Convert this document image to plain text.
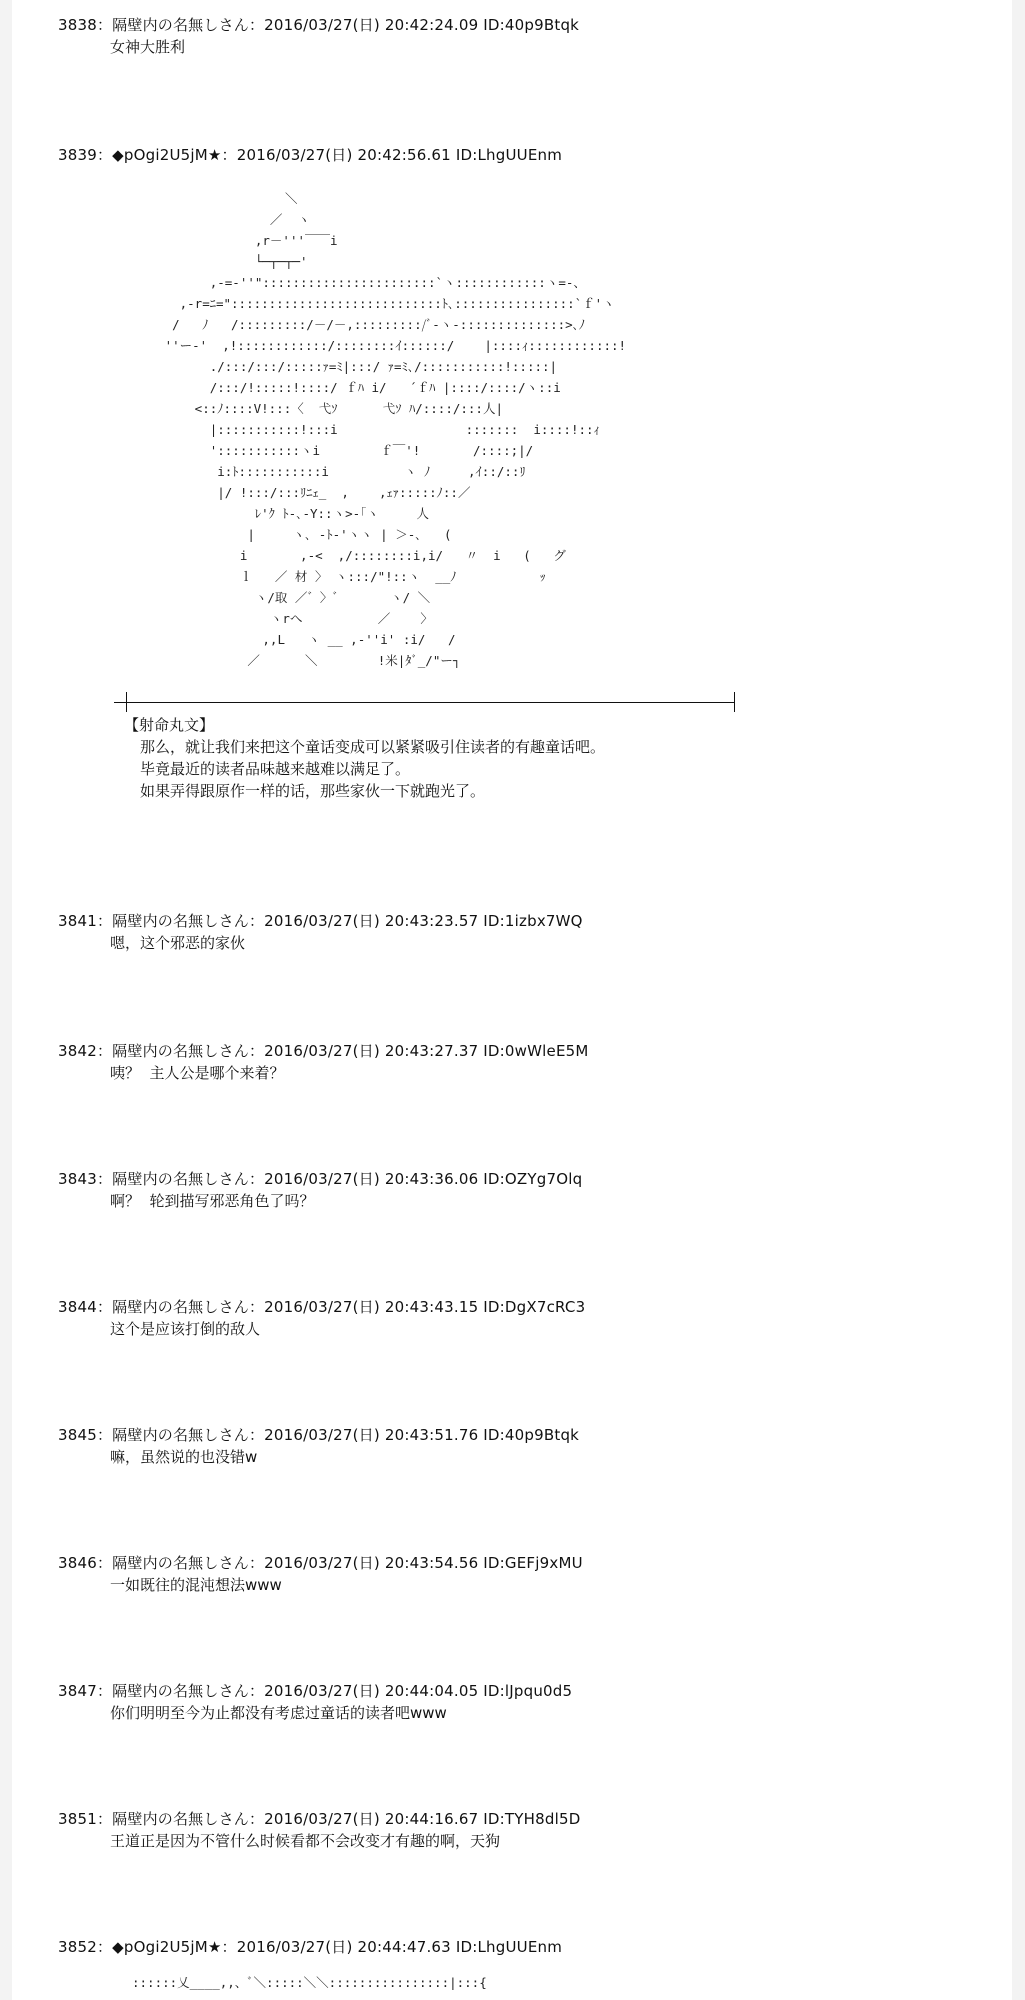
3838：隔壁内の名無しさん：2016/03/27(日) 20:42:24.09 ID:40p9Btqk
女神大胜利
3839：◆pOgi2U5jM★：2016/03/27(日) 20:42:56.61 ID:LhgUUEnm
＼
／  ヽ
,r－'''￣￣i
└─┬─┬─'
,-=-''":::::::::::::::::::::::`ヽ::::::::::::ヽ=-、
,-r=ﾆ="::::::::::::::::::::::::::::ﾄ､::::::::::::::::`ｆ'ヽ
/   ﾉ   /:::::::::/－/－,:::::::::/ﾞ-ヽ-::::::::::::::>､ﾉ
''ー-'  ,!::::::::::::/::::::::ｲ::::::/    |::::ｨ::::::::::::!
./:::/:::/:::::ｧ=ﾐ|:::/ ｧ=ﾐ､/:::::::::::!:::::|
/:::/!:::::!::::/ ｆﾊ i/   ´ｆﾊ |::::/::::/ヽ::i
<::ﾉ::::V!:::〈  弋ｿ      弋ｿ ﾊ/::::/:::人|
|:::::::::::!:::i                 :::::::  i::::!::ｨ
':::::::::::ヽi        ｆ￣'!       /::::;|/
i:ﾄ:::::::::::i          ヽ ﾉ     ,ｲ::/::ﾘ
|/ !:::/:::ﾘﾆｪ_  ,    ,ｪｧ:::::ﾉ::／
ﾚ'ｸ ﾄ-､‐Y::ヽ>-｢ヽ     人
|     ヽ､ ‐ﾄ-'ヽヽ | ＞-､   (
i       ,-<  ,/::::::::i,i/   〃  i   (   グ
ｌ   ／ 材 〉 ヽ:::/"!::ヽ  __ﾉ           ｯ
ヽ/取 ／゛〉゛      ヽ/ ＼
ヽrへ          ／    〉
,,L   ヽ __ ,-''i' :i/   /
／      ＼        !米|ﾀﾞ_/"ー┐
【射命丸文】
那么，就让我们来把这个童话变成可以紧紧吸引住读者的有趣童话吧。
毕竟最近的读者品味越来越难以满足了。
如果弄得跟原作一样的话，那些家伙一下就跑光了。
3841：隔壁内の名無しさん：2016/03/27(日) 20:43:23.57 ID:1izbx7WQ
嗯，这个邪恶的家伙
3842：隔壁内の名無しさん：2016/03/27(日) 20:43:27.37 ID:0wWleE5M
咦？  主人公是哪个来着？
3843：隔壁内の名無しさん：2016/03/27(日) 20:43:36.06 ID:OZYg7Olq
啊？  轮到描写邪恶角色了吗？
3844：隔壁内の名無しさん：2016/03/27(日) 20:43:43.15 ID:DgX7cRC3
这个是应该打倒的敌人
3845：隔壁内の名無しさん：2016/03/27(日) 20:43:51.76 ID:40p9Btqk
嘛，虽然说的也没错w
3846：隔壁内の名無しさん：2016/03/27(日) 20:43:54.56 ID:GEFj9xMU
一如既往的混沌想法www
3847：隔壁内の名無しさん：2016/03/27(日) 20:44:04.05 ID:lJpqu0d5
你们明明至今为止都没有考虑过童话的读者吧www
3851：隔壁内の名無しさん：2016/03/27(日) 20:44:16.67 ID:TYH8dl5D
王道正是因为不管什么时候看都不会改变才有趣的啊，天狗
3852：◆pOgi2U5jM★：2016/03/27(日) 20:44:47.63 ID:LhgUUEnm
::::::乂____,,、ﾞ＼:::::＼＼::::::::::::::::|:::{
